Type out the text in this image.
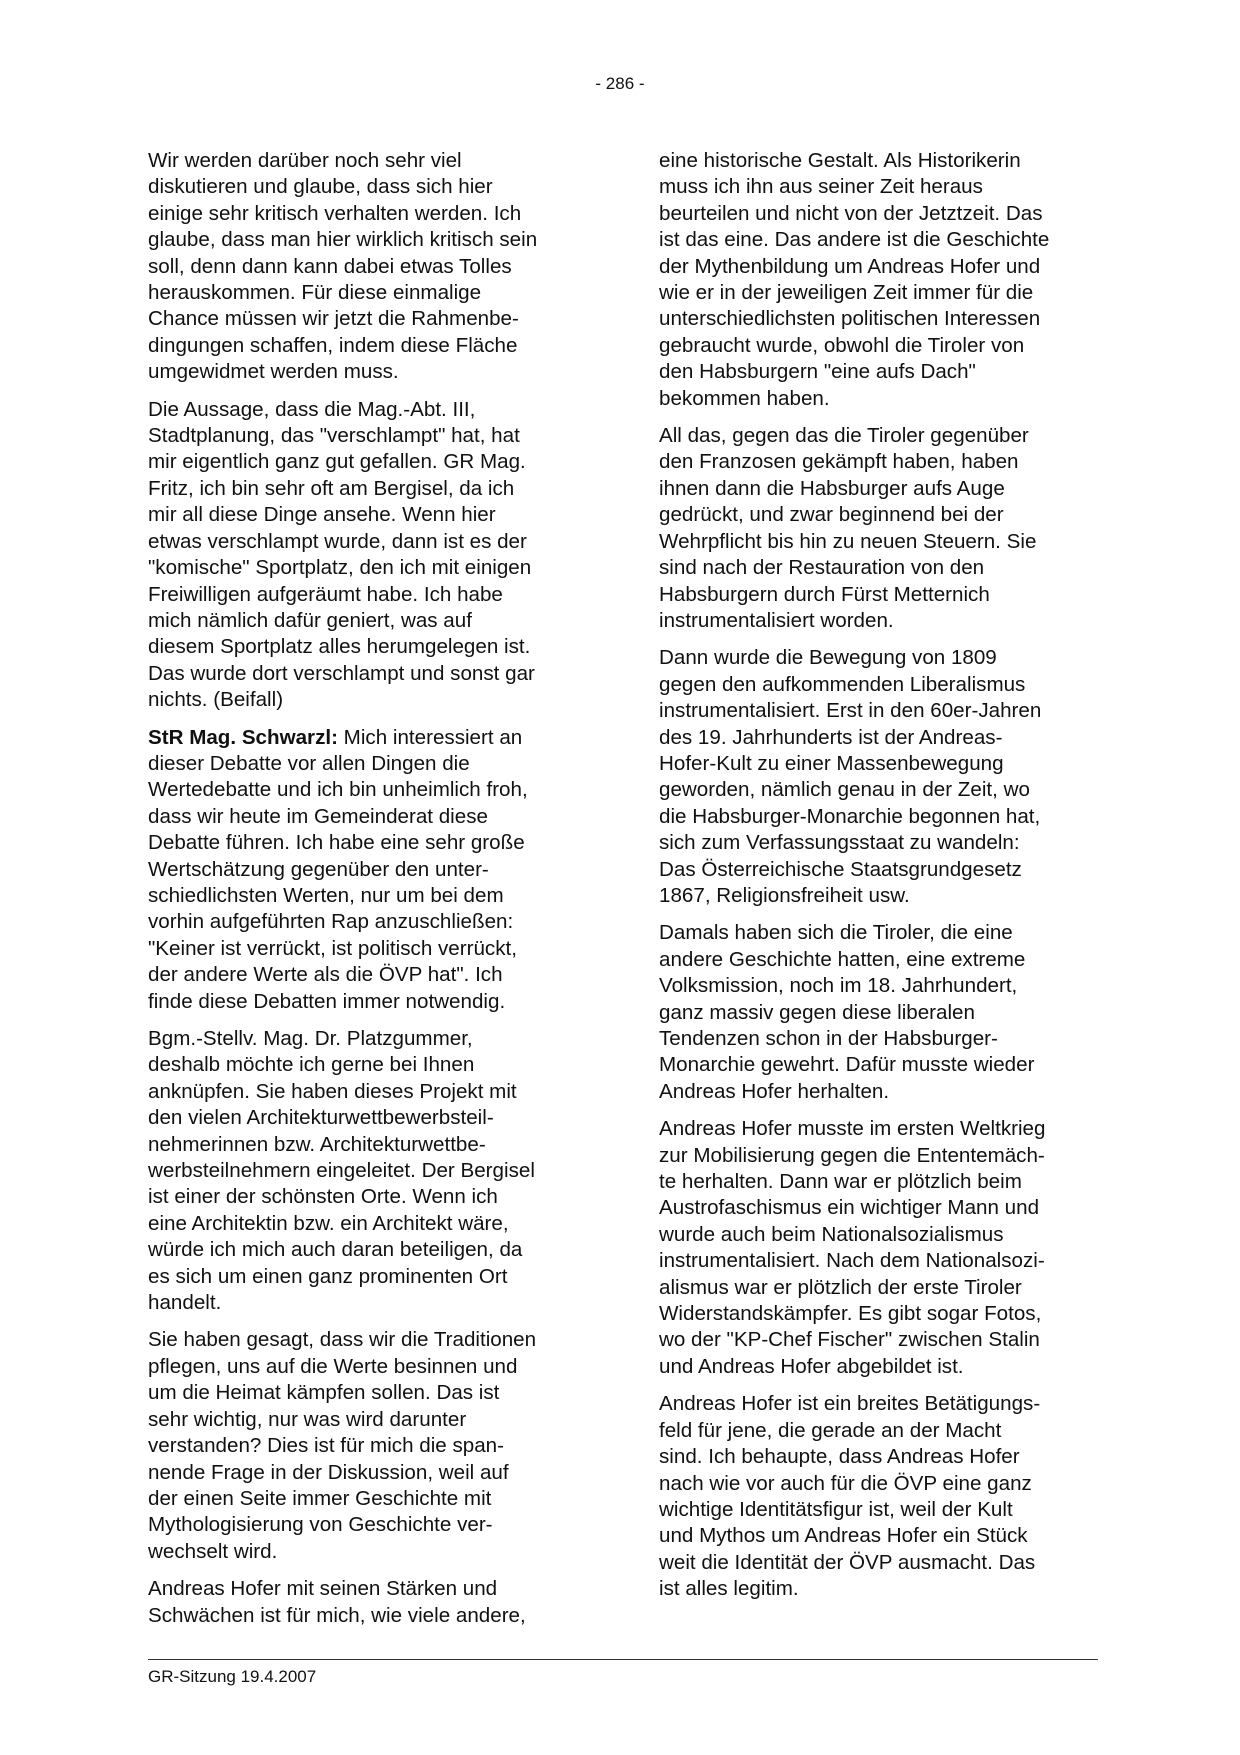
- 286 -

Wir werden darüber noch sehr viel
diskutieren und glaube, dass sich hier
einige sehr kritisch verhalten werden. Ich
glaube, dass man hier wirklich kritisch sein
soll, denn dann kann dabei etwas Tolles
herauskommen. Für diese einmalige
Chance müssen wir jetzt die Rahmenbe-
dingungen schaffen, indem diese Fläche
umgewidmet werden muss.

Die Aussage, dass die Mag.-Abt. III,
Stadtplanung, das "verschlampt" hat, hat
mir eigentlich ganz gut gefallen. GR Mag.
Fritz, ich bin sehr oft am Bergisel, da ich
mir all diese Dinge ansehe. Wenn hier
etwas verschlampt wurde, dann ist es der
"komische" Sportplatz, den ich mit einigen
Freiwilligen aufgeräumt habe. Ich habe
mich nämlich dafür geniert, was auf
diesem Sportplatz alles herumgelegen ist.
Das wurde dort verschlampt und sonst gar
nichts. (Beifall)

StR Mag. Schwarzl: Mich interessiert an
dieser Debatte vor allen Dingen die
Wertedebatte und ich bin unheimlich froh,
dass wir heute im Gemeinderat diese
Debatte führen. Ich habe eine sehr große
Wertschätzung gegenüber den unter-
schiedlichsten Werten, nur um bei dem
vorhin aufgeführten Rap anzuschließen:
"Keiner ist verrückt, ist politisch verrückt,
der andere Werte als die ÖVP hat". Ich
finde diese Debatten immer notwendig.

Bgm.-Stellv. Mag. Dr. Platzgummer,
deshalb möchte ich gerne bei Ihnen
anknüpfen. Sie haben dieses Projekt mit
den vielen Architekturwettbewerbsteil-
nehmerinnen bzw. Architekturwettbe-
werbsteilnehmern eingeleitet. Der Bergisel
ist einer der schönsten Orte. Wenn ich
eine Architektin bzw. ein Architekt wäre,
würde ich mich auch daran beteiligen, da
es sich um einen ganz prominenten Ort
handelt.

Sie haben gesagt, dass wir die Traditionen
pflegen, uns auf die Werte besinnen und
um die Heimat kämpfen sollen. Das ist
sehr wichtig, nur was wird darunter
verstanden? Dies ist für mich die span-
nende Frage in der Diskussion, weil auf
der einen Seite immer Geschichte mit
Mythologisierung von Geschichte ver-
wechselt wird.

Andreas Hofer mit seinen Stärken und
Schwächen ist für mich, wie viele andere,

eine historische Gestalt. Als Historikerin
muss ich ihn aus seiner Zeit heraus
beurteilen und nicht von der Jetztzeit. Das
ist das eine. Das andere ist die Geschichte
der Mythenbildung um Andreas Hofer und
wie er in der jeweiligen Zeit immer für die
unterschiedlichsten politischen Interessen
gebraucht wurde, obwohl die Tiroler von
den Habsburgern "eine aufs Dach"
bekommen haben.

All das, gegen das die Tiroler gegenüber
den Franzosen gekämpft haben, haben
ihnen dann die Habsburger aufs Auge
gedrückt, und zwar beginnend bei der
Wehrpflicht bis hin zu neuen Steuern. Sie
sind nach der Restauration von den
Habsburgern durch Fürst Metternich
instrumentalisiert worden.

Dann wurde die Bewegung von 1809
gegen den aufkommenden Liberalismus
instrumentalisiert. Erst in den 60er-Jahren
des 19. Jahrhunderts ist der Andreas-
Hofer-Kult zu einer Massenbewegung
geworden, nämlich genau in der Zeit, wo
die Habsburger-Monarchie begonnen hat,
sich zum Verfassungsstaat zu wandeln:
Das Österreichische Staatsgrundgesetz
1867, Religionsfreiheit usw.

Damals haben sich die Tiroler, die eine
andere Geschichte hatten, eine extreme
Volksmission, noch im 18. Jahrhundert,
ganz massiv gegen diese liberalen
Tendenzen schon in der Habsburger-
Monarchie gewehrt. Dafür musste wieder
Andreas Hofer herhalten.

Andreas Hofer musste im ersten Weltkrieg
zur Mobilisierung gegen die Ententemäch-
te herhalten. Dann war er plötzlich beim
Austrofaschismus ein wichtiger Mann und
wurde auch beim Nationalsozialismus
instrumentalisiert. Nach dem Nationalsozi-
alismus war er plötzlich der erste Tiroler
Widerstandskämpfer. Es gibt sogar Fotos,
wo der "KP-Chef Fischer" zwischen Stalin
und Andreas Hofer abgebildet ist.

Andreas Hofer ist ein breites Betätigungs-
feld für jene, die gerade an der Macht
sind. Ich behaupte, dass Andreas Hofer
nach wie vor auch für die ÖVP eine ganz
wichtige Identitätsfigur ist, weil der Kult
und Mythos um Andreas Hofer ein Stück
weit die Identität der ÖVP ausmacht. Das
ist alles legitim.

GR-Sitzung 19.4.2007
